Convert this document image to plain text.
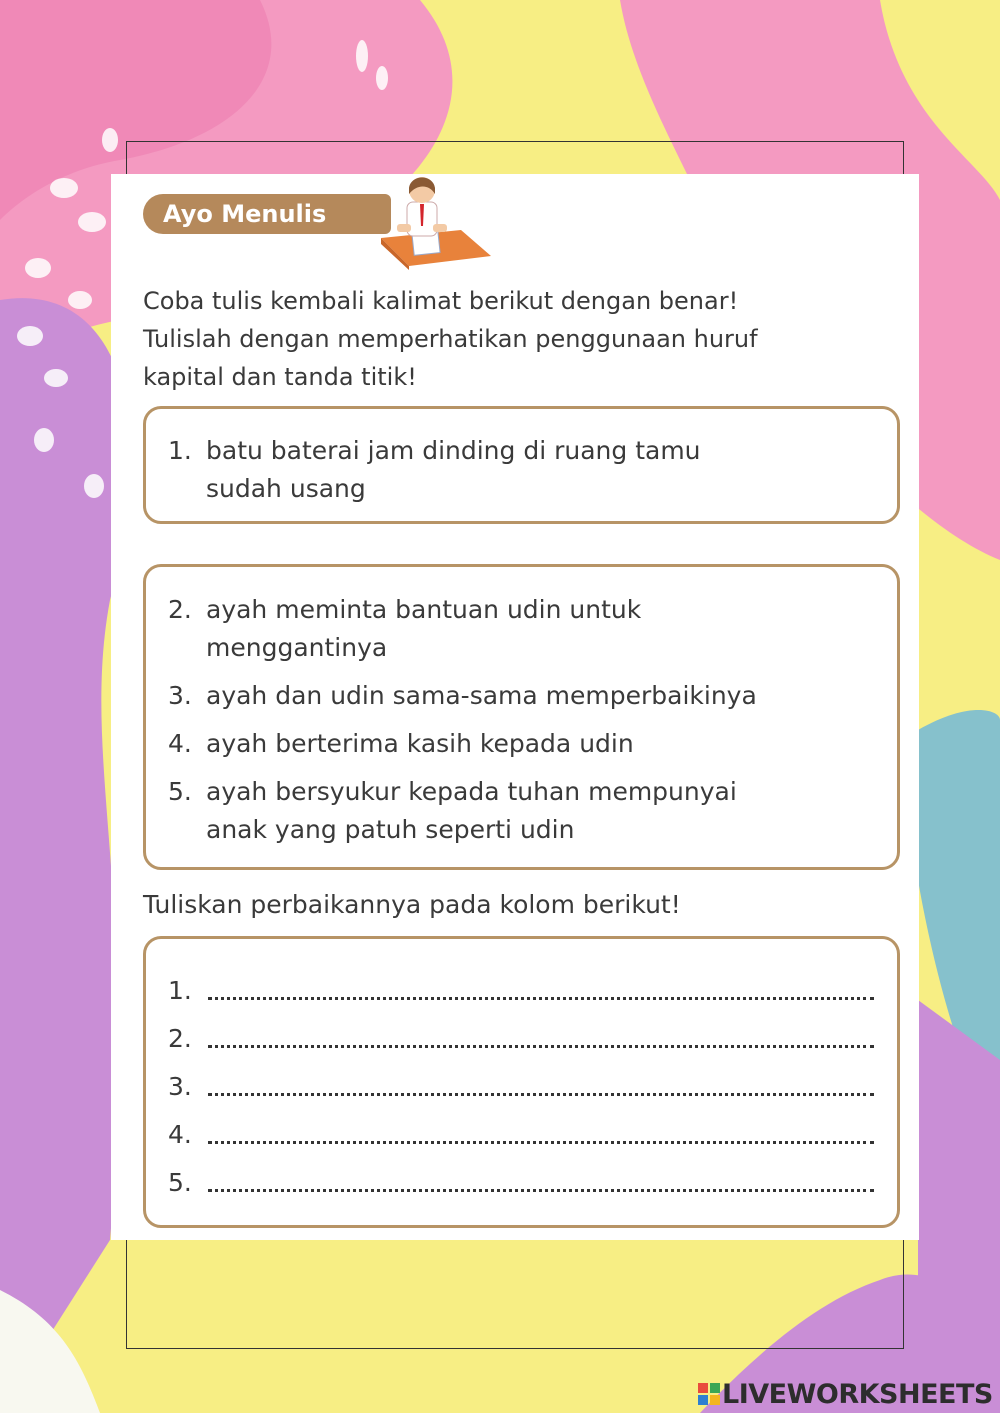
Ayo Menulis
Coba tulis kembali kalimat berikut dengan benar!
Tulislah dengan memperhatikan penggunaan huruf
kapital dan tanda titik!
1. batu baterai jam dinding di ruang tamu
sudah usang
2. ayah meminta bantuan udin untuk
menggantinya
3. ayah dan udin sama-sama memperbaikinya
4. ayah berterima kasih kepada udin
5. ayah bersyukur kepada tuhan mempunyai
anak yang patuh seperti udin
Tuliskan perbaikannya pada kolom berikut!
1.
2.
3.
4.
5.
LIVEWORKSHEETS
